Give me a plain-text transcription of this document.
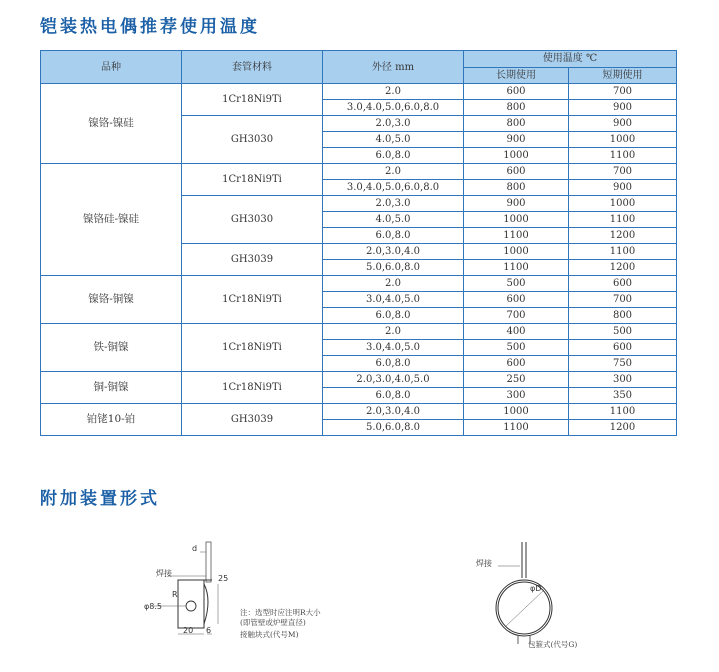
铠装热电偶推荐使用温度
品种	套管材料	外径 mm	使用温度 ℃	
			长期使用	短期使用
镍铬-镍硅	1Cr18Ni9Ti	2.0	600	700
		3.0,4.0,5.0,6.0,8.0	800	900
	GH3030	2.0,3.0	800	900
		4.0,5.0	900	1000
		6.0,8.0	1000	1100
镍铬硅-镍硅	1Cr18Ni9Ti	2.0	600	700
		3.0,4.0,5.0,6.0,8.0	800	900
	GH3030	2.0,3.0	900	1000
		4.0,5.0	1000	1100
		6.0,8.0	1100	1200
	GH3039	2.0,3.0,4.0	1000	1100
		5.0,6.0,8.0	1100	1200
镍铬-铜镍	1Cr18Ni9Ti	2.0	500	600
		3.0,4.0,5.0	600	700
		6.0,8.0	700	800
铁-铜镍	1Cr18Ni9Ti	2.0	400	500
		3.0,4.0,5.0	500	600
		6.0,8.0	600	750
铜-铜镍	1Cr18Ni9Ti	2.0,3.0,4.0,5.0	250	300
		6.0,8.0	300	350
铂铑10-铂	GH3039	2.0,3.0,4.0	1000	1100
		5.0,6.0,8.0	1100	1200
附加装置形式
d
焊接
R
φ8.5
25
20 6
注：选型时应注明R大小
(即管壁或炉壁直径)
接触块式(代号M)
焊接
φD
包箍式(代号G)
